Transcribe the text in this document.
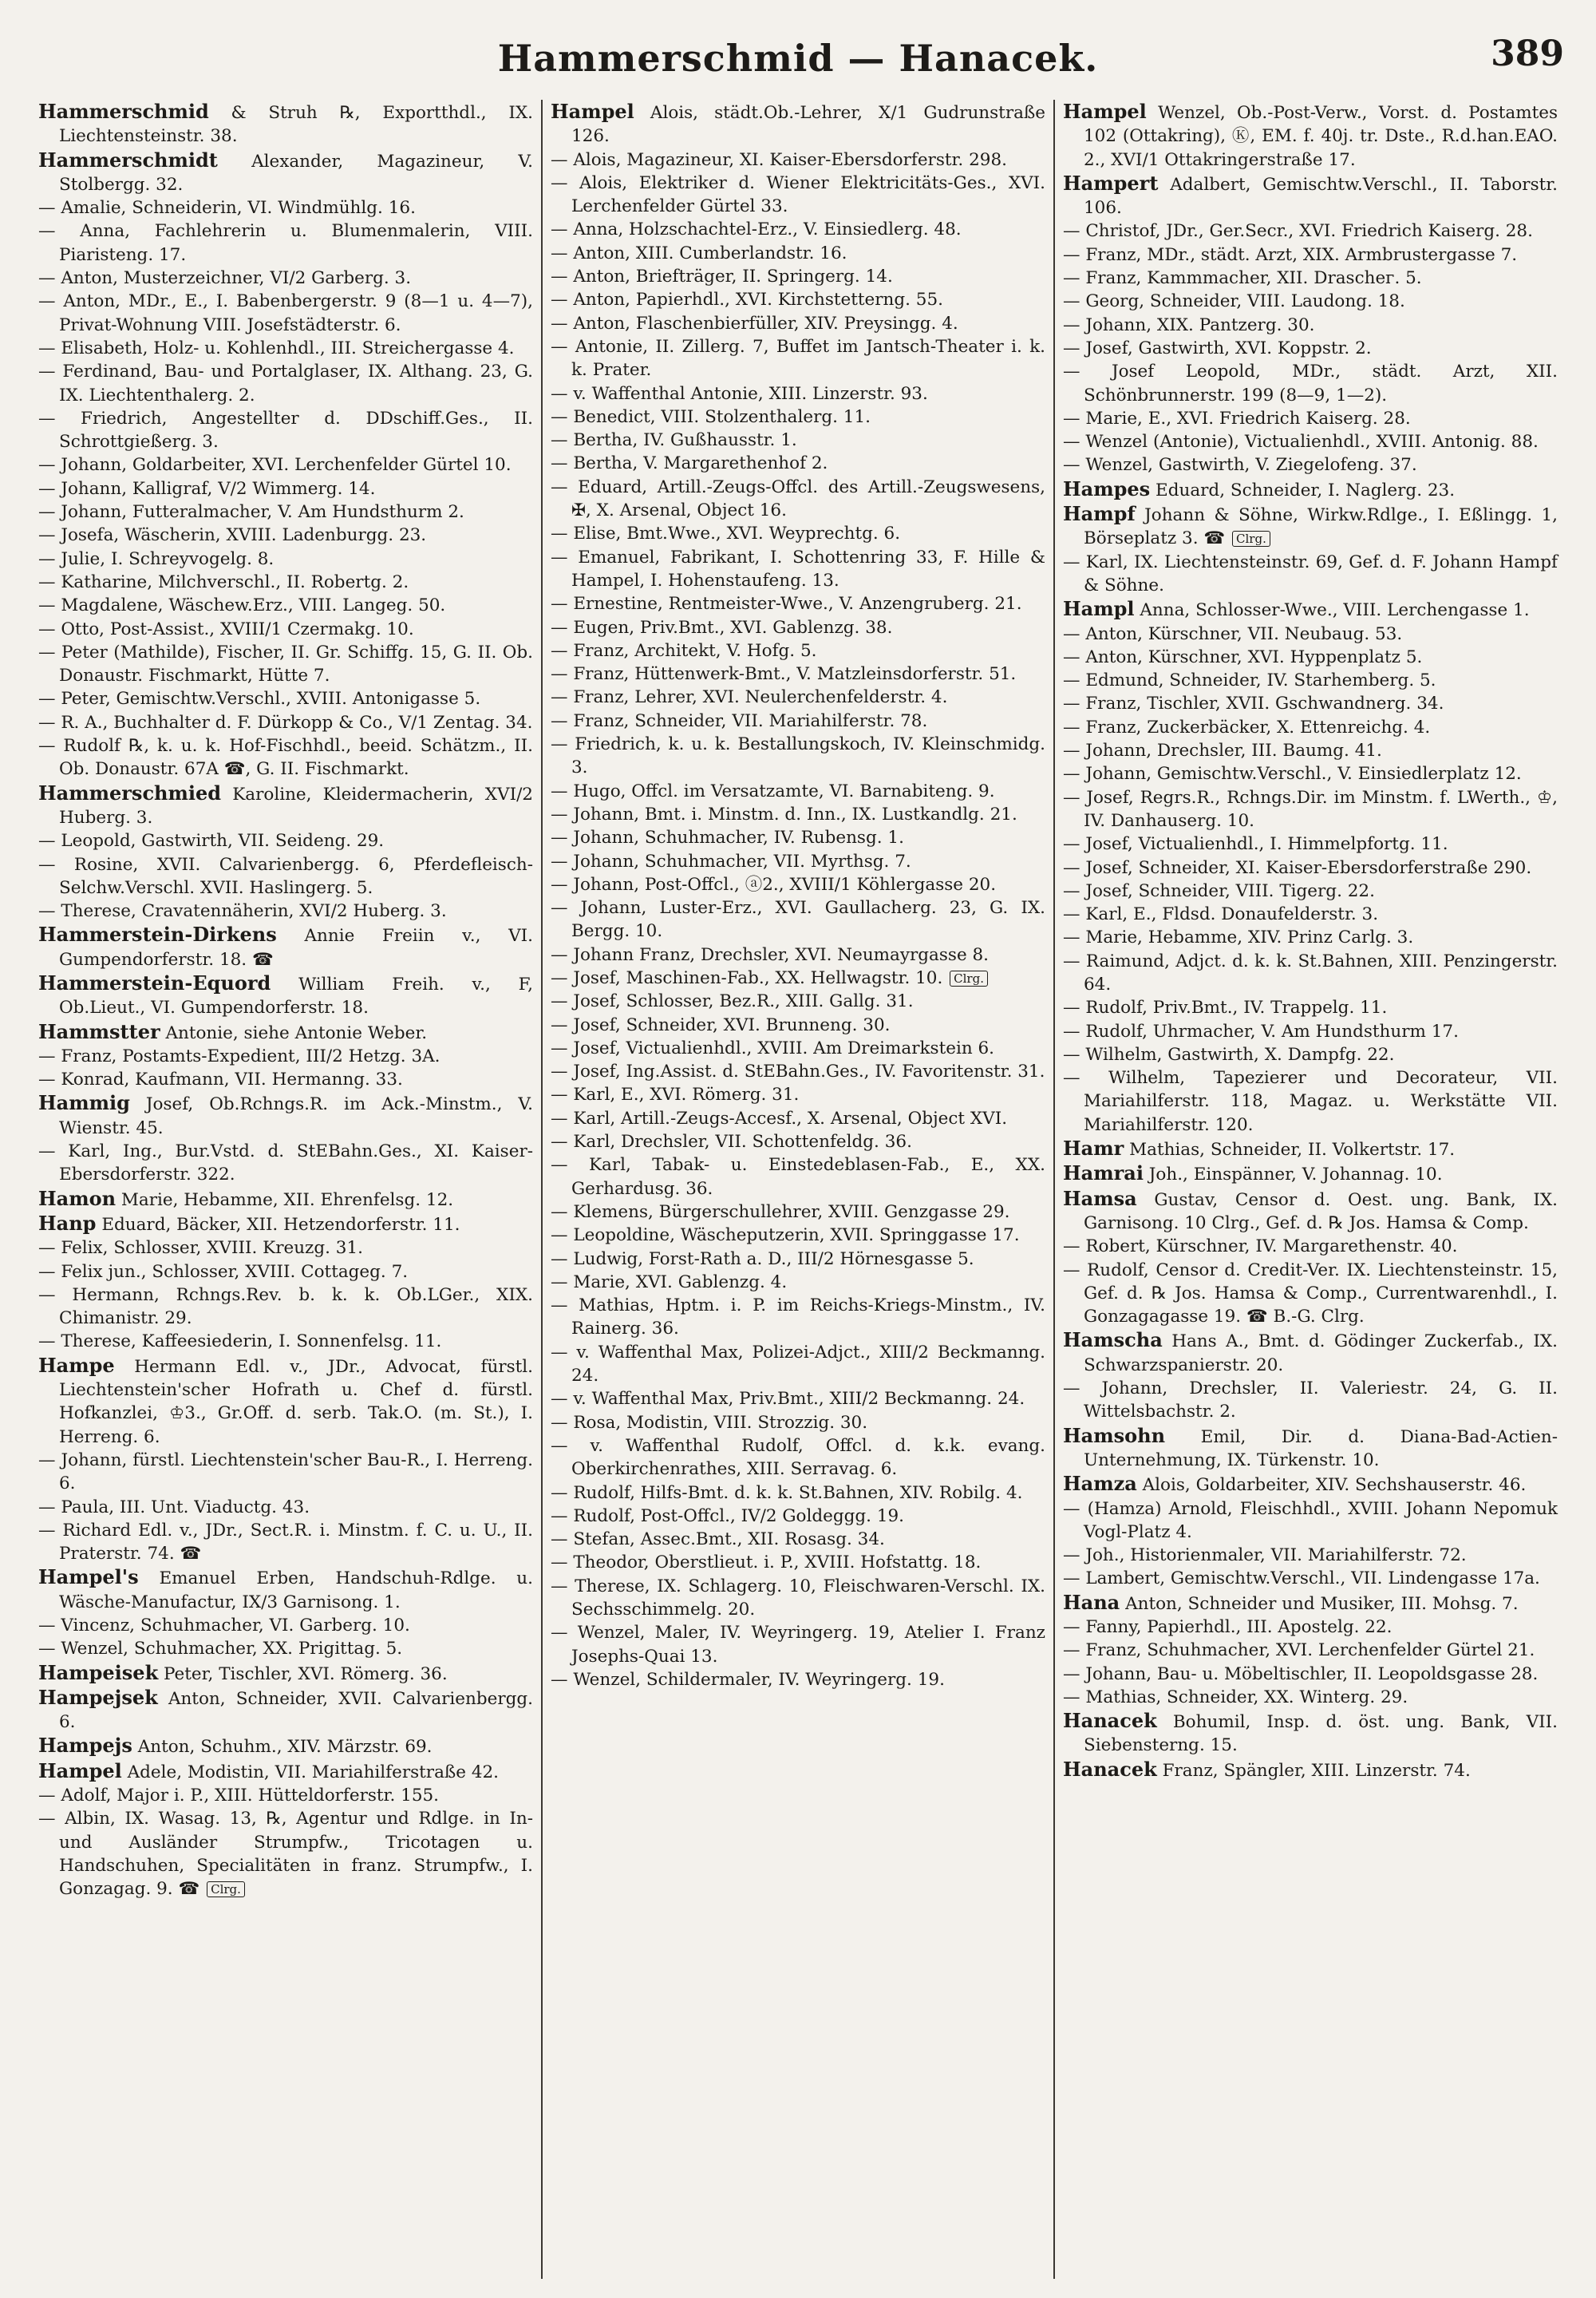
Hammerschmid — Hanacek.	389
Hammerschmid & Struh ℞, Exportthdl., IX. Liechtensteinstr. 38.
Hammerschmidt Alexander, Magazineur, V. Stolbergg. 32.
— Amalie, Schneiderin, VI. Windmühlg. 16.
— Anna, Fachlehrerin u. Blumenmalerin, VIII. Piaristeng. 17.
— Anton, Musterzeichner, VI/2 Garberg. 3.
— Anton, MDr., E., I. Babenbergerstr. 9 (8—1 u. 4—7), Privat-Wohnung VIII. Josefstädterstr. 6.
— Elisabeth, Holz- u. Kohlenhdl., III. Streichergasse 4.
— Ferdinand, Bau- und Portalglaser, IX. Althang. 23, G. IX. Liechtenthalerg. 2.
— Friedrich, Angestellter d. DDschiff.Ges., II. Schrottgießerg. 3.
— Johann, Goldarbeiter, XVI. Lerchenfelder Gürtel 10.
— Johann, Kalligraf, V/2 Wimmerg. 14.
— Johann, Futteralmacher, V. Am Hundsthurm 2.
— Josefa, Wäscherin, XVIII. Ladenburgg. 23.
— Julie, I. Schreyvogelg. 8.
— Katharine, Milchverschl., II. Robertg. 2.
— Magdalene, Wäschew.Erz., VIII. Langeg. 50.
— Otto, Post-Assist., XVIII/1 Czermakg. 10.
— Peter (Mathilde), Fischer, II. Gr. Schiffg. 15, G. II. Ob. Donaustr. Fischmarkt, Hütte 7.
— Peter, Gemischtw.Verschl., XVIII. Antonigasse 5.
— R. A., Buchhalter d. F. Dürkopp & Co., V/1 Zentag. 34.
— Rudolf ℞, k. u. k. Hof-Fischhdl., beeid. Schätzm., II. Ob. Donaustr. 67A ☎, G. II. Fischmarkt.
Hammerschmied Karoline, Kleidermacherin, XVI/2 Huberg. 3.
— Leopold, Gastwirth, VII. Seideng. 29.
— Rosine, XVII. Calvarienbergg. 6, Pferdefleisch-Selchw.Verschl. XVII. Haslingerg. 5.
— Therese, Cravatennäherin, XVI/2 Huberg. 3.
Hammerstein-Dirkens Annie Freiin v., VI. Gumpendorferstr. 18. ☎
Hammerstein-Equord William Freih. v., F, Ob.Lieut., VI. Gumpendorferstr. 18.
Hammstter Antonie, siehe Antonie Weber.
— Franz, Postamts-Expedient, III/2 Hetzg. 3A.
— Konrad, Kaufmann, VII. Hermanng. 33.
Hammig Josef, Ob.Rchngs.R. im Ack.-Minstm., V. Wienstr. 45.
— Karl, Ing., Bur.Vstd. d. StEBahn.Ges., XI. Kaiser-Ebersdorferstr. 322.
Hamon Marie, Hebamme, XII. Ehrenfelsg. 12.
Hanp Eduard, Bäcker, XII. Hetzendorferstr. 11.
— Felix, Schlosser, XVIII. Kreuzg. 31.
— Felix jun., Schlosser, XVIII. Cottageg. 7.
— Hermann, Rchngs.Rev. b. k. k. Ob.LGer., XIX. Chimanistr. 29.
— Therese, Kaffeesiederin, I. Sonnenfelsg. 11.
Hampe Hermann Edl. v., JDr., Advocat, fürstl. Liechtenstein'scher Hofrath u. Chef d. fürstl. Hofkanzlei, ♔3., Gr.Off. d. serb. Tak.O. (m. St.), I. Herreng. 6.
— Johann, fürstl. Liechtenstein'scher Bau-R., I. Herreng. 6.
— Paula, III. Unt. Viaductg. 43.
— Richard Edl. v., JDr., Sect.R. i. Minstm. f. C. u. U., II. Praterstr. 74. ☎
Hampel's Emanuel Erben, Handschuh-Rdlge. u. Wäsche-Manufactur, IX/3 Garnisong. 1.
— Vincenz, Schuhmacher, VI. Garberg. 10.
— Wenzel, Schuhmacher, XX. Prigittag. 5.
Hampeisek Peter, Tischler, XVI. Römerg. 36.
Hampejsek Anton, Schneider, XVII. Calvarienbergg. 6.
Hampejs Anton, Schuhm., XIV. Märzstr. 69.
Hampel Adele, Modistin, VII. Mariahilferstraße 42.
— Adolf, Major i. P., XIII. Hütteldorferstr. 155.
— Albin, IX. Wasag. 13, ℞, Agentur und Rdlge. in In- und Ausländer Strumpfw., Tricotagen u. Handschuhen, Specialitäten in franz. Strumpfw., I. Gonzagag. 9. ☎ Clrg.
Hampel Alois, städt.Ob.-Lehrer, X/1 Gudrunstraße 126.
— Alois, Magazineur, XI. Kaiser-Ebersdorferstr. 298.
— Alois, Elektriker d. Wiener Elektricitäts-Ges., XVI. Lerchenfelder Gürtel 33.
— Anna, Holzschachtel-Erz., V. Einsiedlerg. 48.
— Anton, XIII. Cumberlandstr. 16.
— Anton, Briefträger, II. Springerg. 14.
— Anton, Papierhdl., XVI. Kirchstetterng. 55.
— Anton, Flaschenbierfüller, XIV. Preysingg. 4.
— Antonie, II. Zillerg. 7, Buffet im Jantsch-Theater i. k. k. Prater.
— v. Waffenthal Antonie, XIII. Linzerstr. 93.
— Benedict, VIII. Stolzenthalerg. 11.
— Bertha, IV. Gußhausstr. 1.
— Bertha, V. Margarethenhof 2.
— Eduard, Artill.-Zeugs-Offcl. des Artill.-Zeugswesens, ✠, X. Arsenal, Object 16.
— Elise, Bmt.Wwe., XVI. Weyprechtg. 6.
— Emanuel, Fabrikant, I. Schottenring 33, F. Hille & Hampel, I. Hohenstaufeng. 13.
— Ernestine, Rentmeister-Wwe., V. Anzengruberg. 21.
— Eugen, Priv.Bmt., XVI. Gablenzg. 38.
— Franz, Architekt, V. Hofg. 5.
— Franz, Hüttenwerk-Bmt., V. Matzleinsdorferstr. 51.
— Franz, Lehrer, XVI. Neulerchenfelderstr. 4.
— Franz, Schneider, VII. Mariahilferstr. 78.
— Friedrich, k. u. k. Bestallungskoch, IV. Kleinschmidg. 3.
— Hugo, Offcl. im Versatzamte, VI. Barnabiteng. 9.
— Johann, Bmt. i. Minstm. d. Inn., IX. Lustkandlg. 21.
— Johann, Schuhmacher, IV. Rubensg. 1.
— Johann, Schuhmacher, VII. Myrthsg. 7.
— Johann, Post-Offcl., ⓐ2., XVIII/1 Köhlergasse 20.
— Johann, Luster-Erz., XVI. Gaullacherg. 23, G. IX. Bergg. 10.
— Johann Franz, Drechsler, XVI. Neumayrgasse 8.
— Josef, Maschinen-Fab., XX. Hellwagstr. 10. Clrg.
— Josef, Schlosser, Bez.R., XIII. Gallg. 31.
— Josef, Schneider, XVI. Brunneng. 30.
— Josef, Victualienhdl., XVIII. Am Dreimarkstein 6.
— Josef, Ing.Assist. d. StEBahn.Ges., IV. Favoritenstr. 31.
— Karl, E., XVI. Römerg. 31.
— Karl, Artill.-Zeugs-Accesf., X. Arsenal, Object XVI.
— Karl, Drechsler, VII. Schottenfeldg. 36.
— Karl, Tabak- u. Einstedeblasen-Fab., E., XX. Gerhardusg. 36.
— Klemens, Bürgerschullehrer, XVIII. Genzgasse 29.
— Leopoldine, Wäscheputzerin, XVII. Springgasse 17.
— Ludwig, Forst-Rath a. D., III/2 Hörnesgasse 5.
— Marie, XVI. Gablenzg. 4.
— Mathias, Hptm. i. P. im Reichs-Kriegs-Minstm., IV. Rainerg. 36.
— v. Waffenthal Max, Polizei-Adjct., XIII/2 Beckmanng. 24.
— v. Waffenthal Max, Priv.Bmt., XIII/2 Beckmanng. 24.
— Rosa, Modistin, VIII. Strozzig. 30.
— v. Waffenthal Rudolf, Offcl. d. k.k. evang. Oberkirchenrathes, XIII. Serravag. 6.
— Rudolf, Hilfs-Bmt. d. k. k. St.Bahnen, XIV. Robilg. 4.
— Rudolf, Post-Offcl., IV/2 Goldeggg. 19.
— Stefan, Assec.Bmt., XII. Rosasg. 34.
— Theodor, Oberstlieut. i. P., XVIII. Hofstattg. 18.
— Therese, IX. Schlagerg. 10, Fleischwaren-Verschl. IX. Sechsschimmelg. 20.
— Wenzel, Maler, IV. Weyringerg. 19, Atelier I. Franz Josephs-Quai 13.
— Wenzel, Schildermaler, IV. Weyringerg. 19.
Hampel Wenzel, Ob.-Post-Verw., Vorst. d. Postamtes 102 (Ottakring), Ⓚ, EM. f. 40j. tr. Dste., R.d.han.EAO. 2., XVI/1 Ottakringerstraße 17.
Hampert Adalbert, Gemischtw.Verschl., II. Taborstr. 106.
— Christof, JDr., Ger.Secr., XVI. Friedrich Kaiserg. 28.
— Franz, MDr., städt. Arzt, XIX. Armbrustergasse 7.
— Franz, Kammmacher, XII. Draschег. 5.
— Georg, Schneider, VIII. Laudong. 18.
— Johann, XIX. Pantzerg. 30.
— Josef, Gastwirth, XVI. Koppstr. 2.
— Josef Leopold, MDr., städt. Arzt, XII. Schönbrunnerstr. 199 (8—9, 1—2).
— Marie, E., XVI. Friedrich Kaiserg. 28.
— Wenzel (Antonie), Victualienhdl., XVIII. Antonig. 88.
— Wenzel, Gastwirth, V. Ziegelofeng. 37.
Hampes Eduard, Schneider, I. Naglerg. 23.
Hampf Johann & Söhne, Wirkw.Rdlge., I. Eßlingg. 1, Börseplatz 3. ☎ Clrg.
— Karl, IX. Liechtensteinstr. 69, Gef. d. F. Johann Hampf & Söhne.
Hampl Anna, Schlosser-Wwe., VIII. Lerchengasse 1.
— Anton, Kürschner, VII. Neubaug. 53.
— Anton, Kürschner, XVI. Hyppenplatz 5.
— Edmund, Schneider, IV. Starhemberg. 5.
— Franz, Tischler, XVII. Gschwandnerg. 34.
— Franz, Zuckerbäcker, X. Ettenreichg. 4.
— Johann, Drechsler, III. Baumg. 41.
— Johann, Gemischtw.Verschl., V. Einsiedlerplatz 12.
— Josef, Regrs.R., Rchngs.Dir. im Minstm. f. LWerth., ♔, IV. Danhauserg. 10.
— Josef, Victualienhdl., I. Himmelpfortg. 11.
— Josef, Schneider, XI. Kaiser-Ebersdorferstraße 290.
— Josef, Schneider, VIII. Tigerg. 22.
— Karl, E., Fldsd. Donaufelderstr. 3.
— Marie, Hebamme, XIV. Prinz Carlg. 3.
— Raimund, Adjct. d. k. k. St.Bahnen, XIII. Penzingerstr. 64.
— Rudolf, Priv.Bmt., IV. Trappelg. 11.
— Rudolf, Uhrmacher, V. Am Hundsthurm 17.
— Wilhelm, Gastwirth, X. Dampfg. 22.
— Wilhelm, Tapezierer und Decorateur, VII. Mariahilferstr. 118, Magaz. u. Werkstätte VII. Mariahilferstr. 120.
Hamr Mathias, Schneider, II. Volkertstr. 17.
Hamrai Joh., Einspänner, V. Johannag. 10.
Hamsa Gustav, Censor d. Oest. ung. Bank, IX. Garnisong. 10 Clrg., Gef. d. ℞ Jos. Hamsa & Comp.
— Robert, Kürschner, IV. Margarethenstr. 40.
— Rudolf, Censor d. Credit-Ver. IX. Liechtensteinstr. 15, Gef. d. ℞ Jos. Hamsa & Comp., Currentwarenhdl., I. Gonzagagasse 19. ☎ B.-G. Clrg.
Hamscha Hans A., Bmt. d. Gödinger Zuckerfab., IX. Schwarzspanierstr. 20.
— Johann, Drechsler, II. Valeriestr. 24, G. II. Wittelsbachstr. 2.
Hamsohn Emil, Dir. d. Diana-Bad-Actien-Unternehmung, IX. Türkenstr. 10.
Hamza Alois, Goldarbeiter, XIV. Sechshauserstr. 46.
— (Hamza) Arnold, Fleischhdl., XVIII. Johann Nepomuk Vogl-Platz 4.
— Joh., Historienmaler, VII. Mariahilferstr. 72.
— Lambert, Gemischtw.Verschl., VII. Lindengasse 17a.
Hana Anton, Schneider und Musiker, III. Mohsg. 7.
— Fanny, Papierhdl., III. Apostelg. 22.
— Franz, Schuhmacher, XVI. Lerchenfelder Gürtel 21.
— Johann, Bau- u. Möbeltischler, II. Leopoldsgasse 28.
— Mathias, Schneider, XX. Winterg. 29.
Hanacek Bohumil, Insp. d. öst. ung. Bank, VII. Siebensterng. 15.
Hanacek Franz, Spängler, XIII. Linzerstr. 74.
